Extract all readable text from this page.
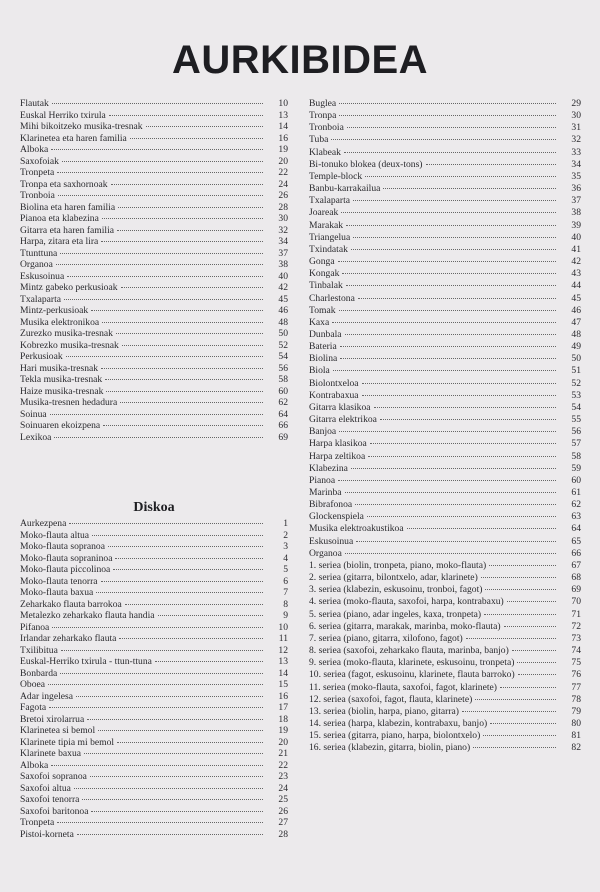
AURKIBIDEA
Flautak	10
Euskal Herriko txirula	13
Mihi bikoitzeko musika-tresnak	14
Klarinetea eta haren familia	16
Alboka	19
Saxofoiak	20
Tronpeta	22
Tronpa eta saxhornoak	24
Tronboia	26
Biolina eta haren familia	28
Pianoa eta klabezina	30
Gitarra eta haren familia	32
Harpa, zitara eta lira	34
Ttunttuna	37
Organoa	38
Eskusoinua	40
Mintz gabeko perkusioak	42
Txalaparta	45
Mintz-perkusioak	46
Musika elektronikoa	48
Zurezko musika-tresnak	50
Kobrezko musika-tresnak	52
Perkusioak	54
Hari musika-tresnak	56
Tekla musika-tresnak	58
Haize musika-tresnak	60
Musika-tresnen hedadura	62
Soinua	64
Soinuaren ekoizpena	66
Lexikoa	69
Diskoa
Aurkezpena	1
Moko-flauta altua	2
Moko-flauta sopranoa	3
Moko-flauta sopraninoa	4
Moko-flauta piccolinoa	5
Moko-flauta tenorra	6
Moko-flauta baxua	7
Zeharkako flauta barrokoa	8
Metalezko zeharkako flauta handia	9
Pifanoa	10
Irlandar zeharkako flauta	11
Txilibitua	12
Euskal-Herriko txirula - ttun-ttuna	13
Bonbarda	14
Oboea	15
Adar ingelesa	16
Fagota	17
Bretoi xirolarrua	18
Klarinetea si bemol	19
Klarinete tipia mi bemol	20
Klarinete baxua	21
Alboka	22
Saxofoi sopranoa	23
Saxofoi altua	24
Saxofoi tenorra	25
Saxofoi baritonoa	26
Tronpeta	27
Pistoi-korneta	28
Buglea	29
Tronpa	30
Tronboia	31
Tuba	32
Klabeak	33
Bi-tonuko blokea (deux-tons)	34
Temple-block	35
Banbu-karrakailua	36
Txalaparta	37
Joareak	38
Marakak	39
Triangelua	40
Txindatak	41
Gonga	42
Kongak	43
Tinbalak	44
Charlestona	45
Tomak	46
Kaxa	47
Dunbala	48
Bateria	49
Biolina	50
Biola	51
Biolontxeloa	52
Kontrabaxua	53
Gitarra klasikoa	54
Gitarra elektrikoa	55
Banjoa	56
Harpa klasikoa	57
Harpa zeltikoa	58
Klabezina	59
Pianoa	60
Marinba	61
Bibrafonoa	62
Glockenspiela	63
Musika elektroakustikoa	64
Eskusoinua	65
Organoa	66
1. seriea (biolin, tronpeta, piano, moko-flauta)	67
2. seriea (gitarra, bilontxelo, adar, klarinete)	68
3. seriea (klabezin, eskusoinu, tronboi, fagot)	69
4. seriea (moko-flauta, saxofoi, harpa, kontrabaxu)	70
5. seriea (piano, adar ingeles, kaxa, tronpeta)	71
6. seriea (gitarra, marakak, marinba, moko-flauta)	72
7. seriea (piano, gitarra, xilofono, fagot)	73
8. seriea (saxofoi, zeharkako flauta, marinba, banjo)	74
9. seriea (moko-flauta, klarinete, eskusoinu, tronpeta)	75
10. seriea (fagot, eskusoinu, klarinete, flauta barroko)	76
11. seriea (moko-flauta, saxofoi, fagot, klarinete)	77
12. seriea (saxofoi, fagot, flauta, klarinete)	78
13. seriea (biolin, harpa, piano, gitarra)	79
14. seriea (harpa, klabezin, kontrabaxu, banjo)	80
15. seriea (gitarra, piano, harpa, biolontxelo)	81
16. seriea (klabezin, gitarra, biolin, piano)	82
